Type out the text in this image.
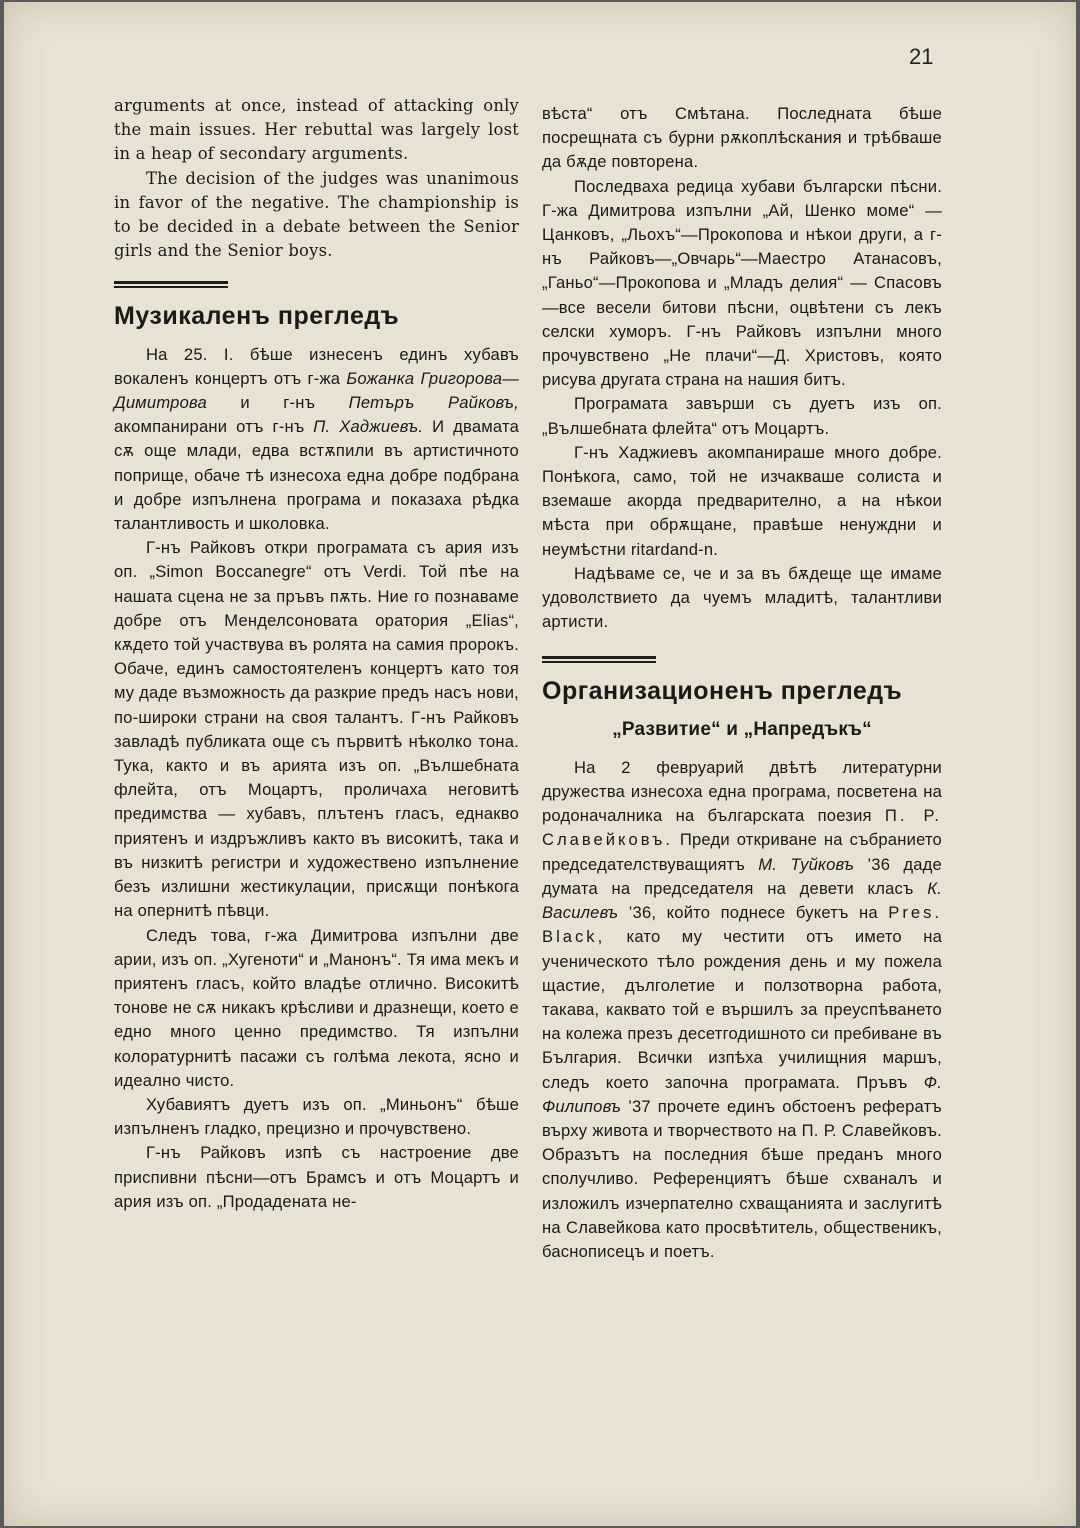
21

arguments at once, instead of attacking only the main issues. Her rebuttal was largely lost in a heap of secondary arguments.

The decision of the judges was unanimous in favor of the negative. The championship is to be decided in a debate between the Senior girls and the Senior boys.

Музикаленъ прегледъ

На 25. I. бѣше изнесенъ единъ хубавъ вокаленъ концертъ отъ г-жа Божанка Григорова—Димитрова и г-нъ Петъръ Райковъ, акомпанирани отъ г-нъ П. Хаджиевъ. И двамата сѫ още млади, едва встѫпили въ артистичното поприще, обаче тѣ изнесоха една добре подбрана и добре изпълнена програма и показаха рѣдка талантливость и школовка.

Г-нъ Райковъ откри програмата съ ария изъ оп. „Simon Boccanegre“ отъ Verdi. Той пѣе на нашата сцена не за пръвъ пѫть. Ние го познаваме добре отъ Менделсоновата оратория „Elias“, кѫдето той участвува въ ролята на самия пророкъ. Обаче, единъ самостоятеленъ концертъ като тоя му даде възможность да разкрие предъ насъ нови, по-широки страни на своя талантъ. Г-нъ Райковъ завладѣ публиката още съ първитѣ нѣколко тона. Тука, както и въ арията изъ оп. „Вълшебната флейта, отъ Моцартъ, проличаха неговитѣ предимства — хубавъ, плътенъ гласъ, еднакво приятенъ и издръжливъ както въ високитѣ, така и въ низкитѣ регистри и художествено изпълнение безъ излишни жестикулации, присѫщи понѣкога на опернитѣ пѣвци.

Следъ това, г-жа Димитрова изпълни две арии, изъ оп. „Хугеноти“ и „Манонъ“. Тя има мекъ и приятенъ гласъ, който владѣе отлично. Високитѣ тонове не сѫ никакъ крѣсливи и дразнещи, което е едно много ценно предимство. Тя изпълни колоратурнитѣ пасажи съ голѣма лекота, ясно и идеално чисто.

Хубавиятъ дуетъ изъ оп. „Миньонъ“ бѣше изпълненъ гладко, прецизно и прочувствено.

Г-нъ Райковъ изпѣ съ настроение две приспивни пѣсни—отъ Брамсъ и отъ Моцартъ и ария изъ оп. „Продадената не-

вѣста“ отъ Смѣтана. Последната бѣше посрещната съ бурни рѫкоплѣскания и трѣбваше да бѫде повторена.

Последваха редица хубави български пѣсни. Г-жа Димитрова изпълни „Ай, Шенко моме“ — Цанковъ, „Льохъ“—Прокопова и нѣкои други, а г-нъ Райковъ—„Овчарь“—Маестро Атанасовъ, „Ганьо“—Прокопова и „Младъ делия“ — Спасовъ—все весели битови пѣсни, оцвѣтени съ лекъ селски хуморъ. Г-нъ Райковъ изпълни много прочувствено „Не плачи“—Д. Христовъ, която рисува другата страна на нашия битъ.

Програмата завърши съ дуетъ изъ оп. „Вълшебната флейта“ отъ Моцартъ.

Г-нъ Хаджиевъ акомпанираше много добре. Понѣкога, само, той не изчакваше солиста и вземаше акорда предварително, а на нѣкои мѣста при обрѫщане, правѣше ненуждни и неумѣстни ritardand-n.

Надѣваме се, че и за въ бѫдеще ще имаме удоволствието да чуемъ младитѣ, талантливи артисти.

Организационенъ прегледъ
„Развитие“ и „Напредъкъ“

На 2 февруарий двѣтѣ литературни дружества изнесоха една програма, посветена на родоначалника на българската поезия П. Р. Славейковъ. Преди откриване на събранието председателствуващиятъ М. Туйковъ ’36 даде думата на председателя на девети класъ К. Василевъ ’36, който поднесе букетъ на Pres. Black, като му честити отъ името на ученическото тѣло рождения день и му пожела щастие, дълголетие и ползотворна работа, такава, каквато той е вършилъ за преуспѣването на колежа презъ десетгодишното си пребиване въ България. Всички изпѣха училищния маршъ, следъ което започна програмата. Пръвъ Ф. Филиповъ ’37 прочете единъ обстоенъ рефератъ върху живота и творчеството на П. Р. Славейковъ. Образътъ на последния бѣше преданъ много сполучливо. Референциятъ бѣше схваналъ и изложилъ изчерпателно схващанията и заслугитѣ на Славейкова като просвѣтитель, общественикъ, баснописецъ и поетъ.
